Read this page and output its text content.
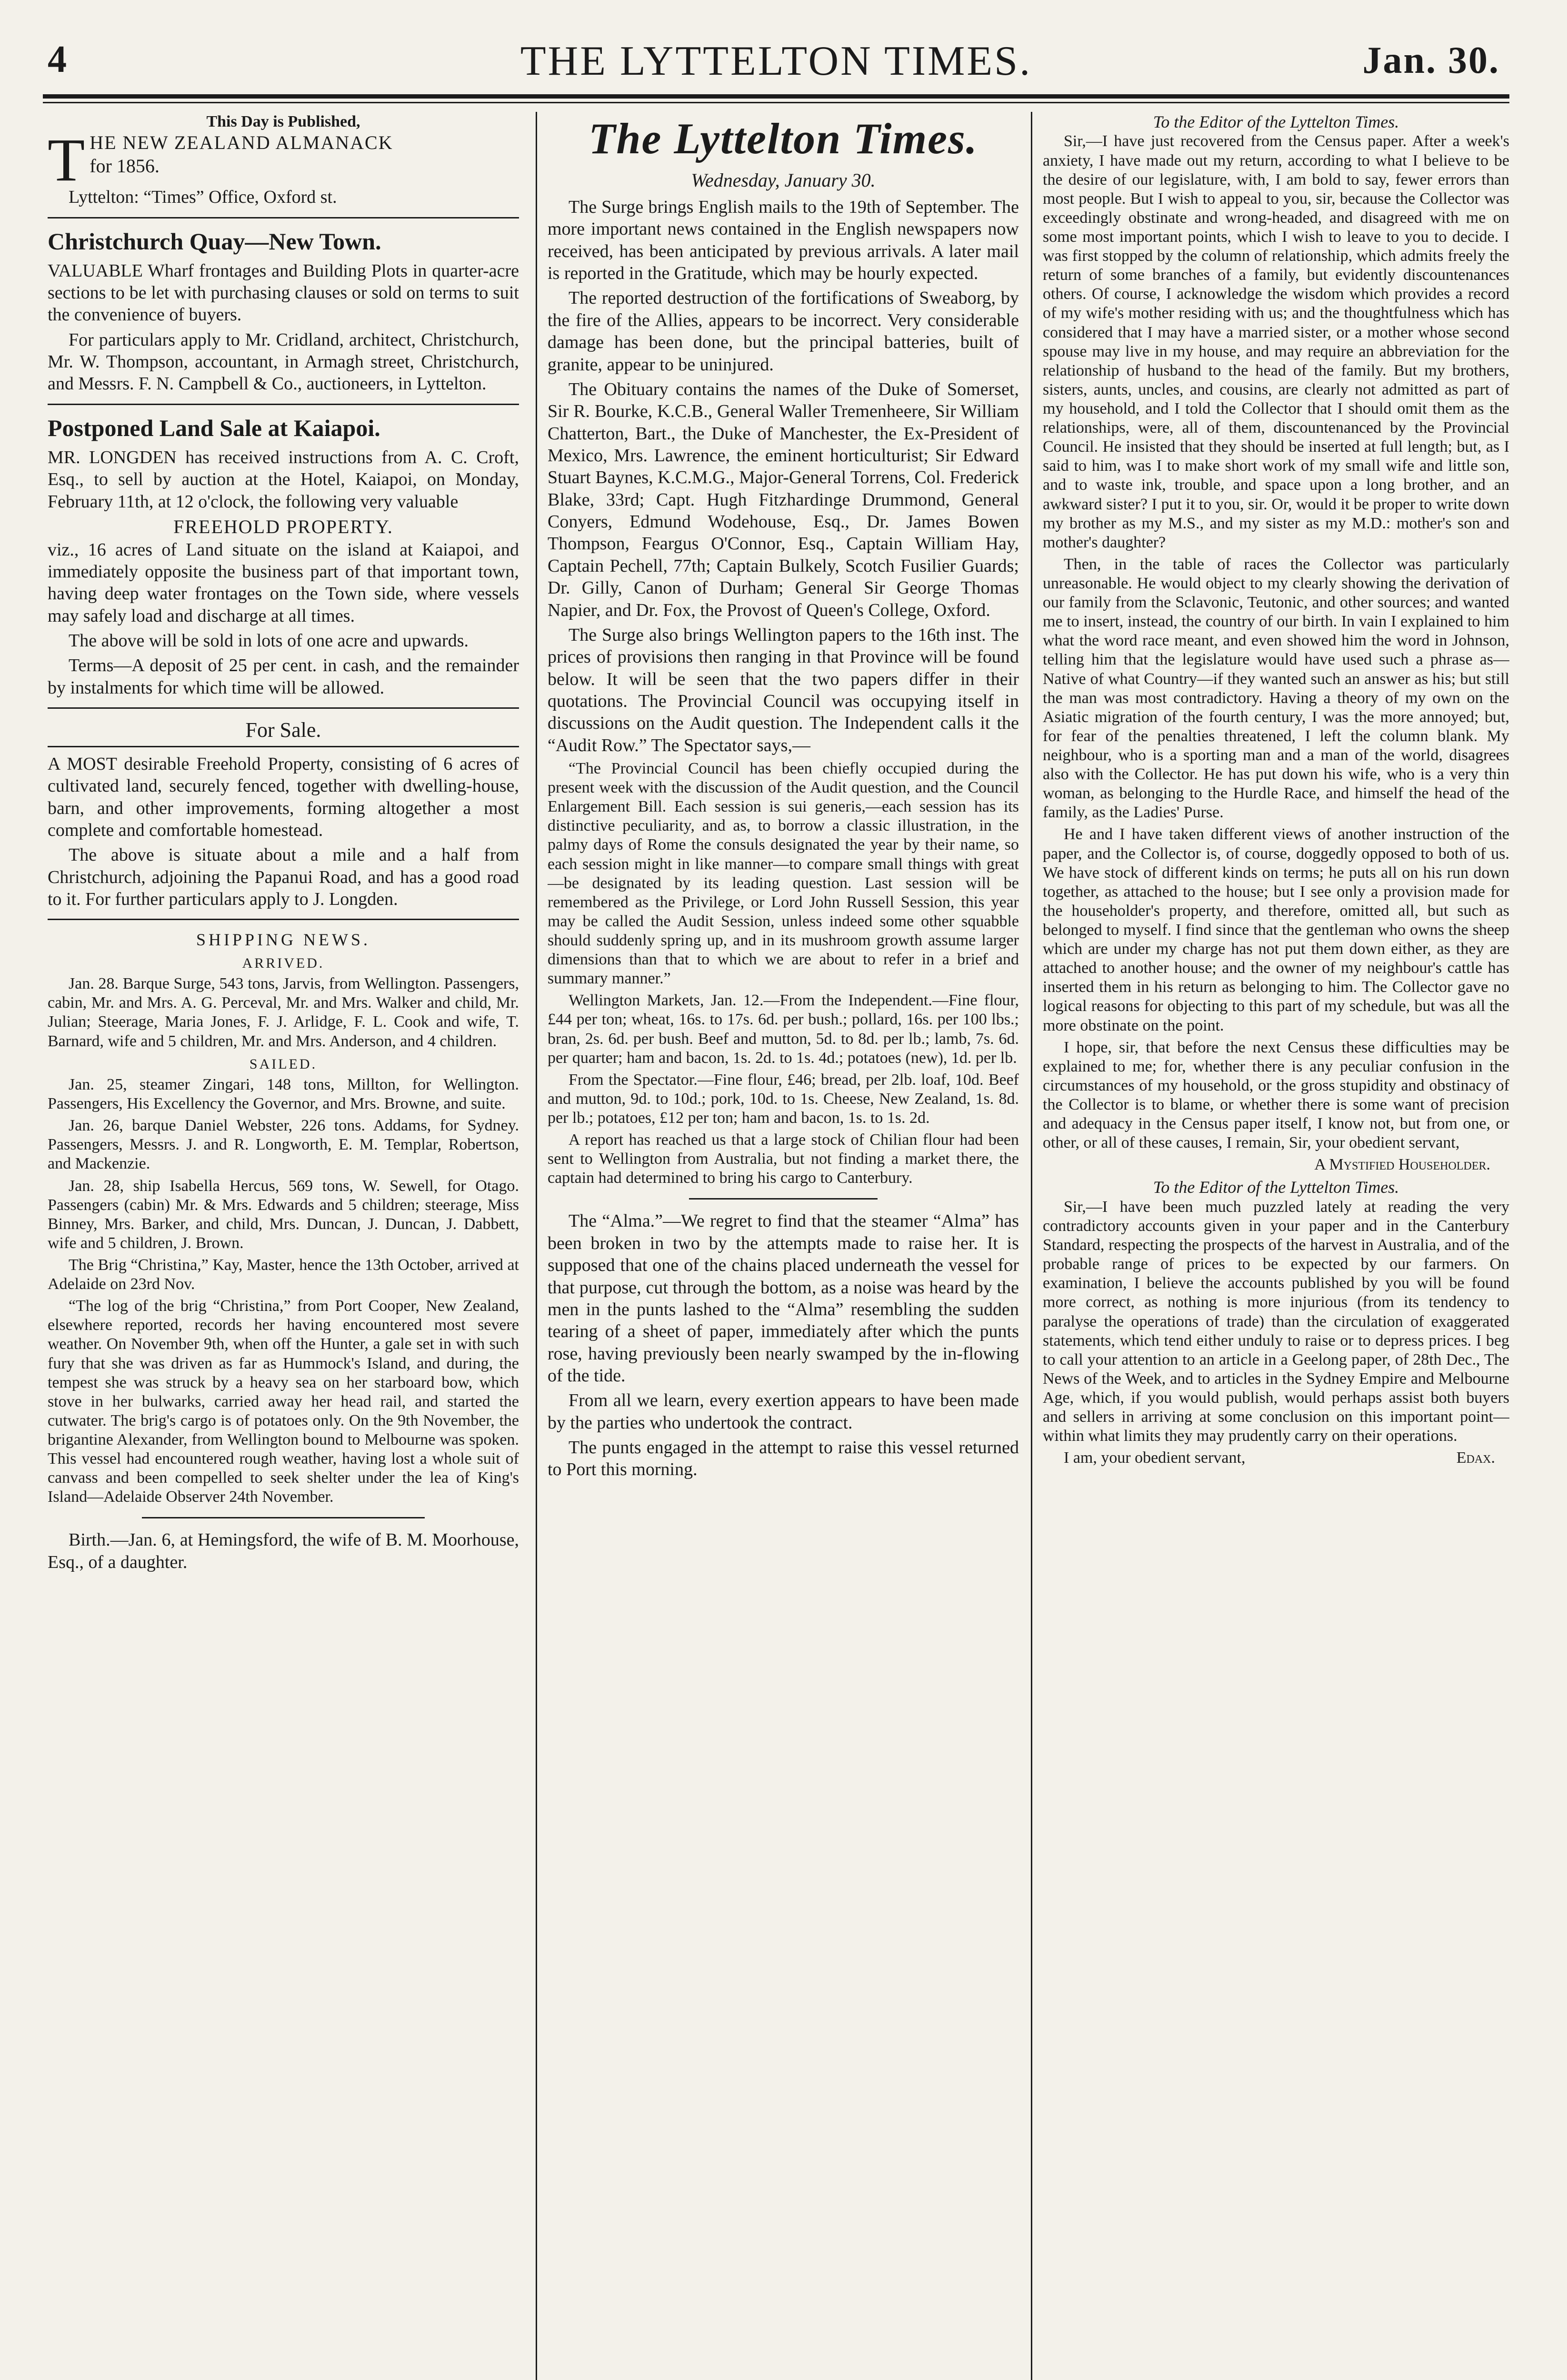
4	THE LYTTELTON TIMES.	Jan. 30.
This Day is Published,
T HE NEW ZEALAND ALMANACK
for 1856.

Lyttelton: “Times” Office, Oxford st.

Christchurch Quay—New Town.

VALUABLE Wharf frontages and Building Plots in quarter-acre sections to be let with purchasing clauses or sold on terms to suit the convenience of buyers.

For particulars apply to Mr. Cridland, architect, Christchurch, Mr. W. Thompson, accountant, in Armagh street, Christchurch, and Messrs. F. N. Campbell & Co., auctioneers, in Lyttelton.

Postponed Land Sale at Kaiapoi.

MR. LONGDEN has received instructions from A. C. Croft, Esq., to sell by auction at the Hotel, Kaiapoi, on Monday, February 11th, at 12 o'clock, the following very valuable

FREEHOLD PROPERTY.

viz., 16 acres of Land situate on the island at Kaiapoi, and immediately opposite the business part of that important town, having deep water frontages on the Town side, where vessels may safely load and discharge at all times.

The above will be sold in lots of one acre and upwards.

Terms—A deposit of 25 per cent. in cash, and the remainder by instalments for which time will be allowed.

For Sale.

A MOST desirable Freehold Property, consisting of 6 acres of cultivated land, securely fenced, together with dwelling-house, barn, and other improvements, forming altogether a most complete and comfortable homestead.

The above is situate about a mile and a half from Christchurch, adjoining the Papanui Road, and has a good road to it. For further particulars apply to J. Longden.

SHIPPING NEWS.
ARRIVED.

Jan. 28. Barque Surge, 543 tons, Jarvis, from Wellington. Passengers, cabin, Mr. and Mrs. A. G. Perceval, Mr. and Mrs. Walker and child, Mr. Julian; Steerage, Maria Jones, F. J. Arlidge, F. L. Cook and wife, T. Barnard, wife and 5 children, Mr. and Mrs. Anderson, and 4 children.

SAILED.

Jan. 25, steamer Zingari, 148 tons, Millton, for Wellington. Passengers, His Excellency the Governor, and Mrs. Browne, and suite.

Jan. 26, barque Daniel Webster, 226 tons. Addams, for Sydney. Passengers, Messrs. J. and R. Longworth, E. M. Templar, Robertson, and Mackenzie.

Jan. 28, ship Isabella Hercus, 569 tons, W. Sewell, for Otago. Passengers (cabin) Mr. & Mrs. Edwards and 5 children; steerage, Miss Binney, Mrs. Barker, and child, Mrs. Duncan, J. Duncan, J. Dabbett, wife and 5 children, J. Brown.

The Brig “Christina,” Kay, Master, hence the 13th October, arrived at Adelaide on 23rd Nov.

“The log of the brig “Christina,” from Port Cooper, New Zealand, elsewhere reported, records her having encountered most severe weather. On November 9th, when off the Hunter, a gale set in with such fury that she was driven as far as Hummock's Island, and during, the tempest she was struck by a heavy sea on her starboard bow, which stove in her bulwarks, carried away her head rail, and started the cutwater. The brig's cargo is of potatoes only. On the 9th November, the brigantine Alexander, from Wellington bound to Melbourne was spoken. This vessel had encountered rough weather, having lost a whole suit of canvass and been compelled to seek shelter under the lea of King's Island—Adelaide Observer 24th November.

Birth.—Jan. 6, at Hemingsford, the wife of B. M. Moorhouse, Esq., of a daughter.

The Lyttelton Times.
Wednesday, January 30.

The Surge brings English mails to the 19th of September. The more important news contained in the English newspapers now received, has been anticipated by previous arrivals. A later mail is reported in the Gratitude, which may be hourly expected.

The reported destruction of the fortifications of Sweaborg, by the fire of the Allies, appears to be incorrect. Very considerable damage has been done, but the principal batteries, built of granite, appear to be uninjured.

The Obituary contains the names of the Duke of Somerset, Sir R. Bourke, K.C.B., General Waller Tremenheere, Sir William Chatterton, Bart., the Duke of Manchester, the Ex-President of Mexico, Mrs. Lawrence, the eminent horticulturist; Sir Edward Stuart Baynes, K.C.M.G., Major-General Torrens, Col. Frederick Blake, 33rd; Capt. Hugh Fitzhardinge Drummond, General Conyers, Edmund Wodehouse, Esq., Dr. James Bowen Thompson, Feargus O'Connor, Esq., Captain William Hay, Captain Pechell, 77th; Captain Bulkely, Scotch Fusilier Guards; Dr. Gilly, Canon of Durham; General Sir George Thomas Napier, and Dr. Fox, the Provost of Queen's College, Oxford.

The Surge also brings Wellington papers to the 16th inst. The prices of provisions then ranging in that Province will be found below. It will be seen that the two papers differ in their quotations. The Provincial Council was occupying itself in discussions on the Audit question. The Independent calls it the “Audit Row.” The Spectator says,—

“The Provincial Council has been chiefly occupied during the present week with the discussion of the Audit question, and the Council Enlargement Bill. Each session is sui generis,—each session has its distinctive peculiarity, and as, to borrow a classic illustration, in the palmy days of Rome the consuls designated the year by their name, so each session might in like manner—to compare small things with great—be designated by its leading question. Last session will be remembered as the Privilege, or Lord John Russell Session, this year may be called the Audit Session, unless indeed some other squabble should suddenly spring up, and in its mushroom growth assume larger dimensions than that to which we are about to refer in a brief and summary manner.”

Wellington Markets, Jan. 12.—From the Independent.—Fine flour, £44 per ton; wheat, 16s. to 17s. 6d. per bush.; pollard, 16s. per 100 lbs.; bran, 2s. 6d. per bush. Beef and mutton, 5d. to 8d. per lb.; lamb, 7s. 6d. per quarter; ham and bacon, 1s. 2d. to 1s. 4d.; potatoes (new), 1d. per lb.

From the Spectator.—Fine flour, £46; bread, per 2lb. loaf, 10d. Beef and mutton, 9d. to 10d.; pork, 10d. to 1s. Cheese, New Zealand, 1s. 8d. per lb.; potatoes, £12 per ton; ham and bacon, 1s. to 1s. 2d.

A report has reached us that a large stock of Chilian flour had been sent to Wellington from Australia, but not finding a market there, the captain had determined to bring his cargo to Canterbury.

The “Alma.”—We regret to find that the steamer “Alma” has been broken in two by the attempts made to raise her. It is supposed that one of the chains placed underneath the vessel for that purpose, cut through the bottom, as a noise was heard by the men in the punts lashed to the “Alma” resembling the sudden tearing of a sheet of paper, immediately after which the punts rose, having previously been nearly swamped by the in-flowing of the tide.

From all we learn, every exertion appears to have been made by the parties who undertook the contract.

The punts engaged in the attempt to raise this vessel returned to Port this morning.

To the Editor of the Lyttelton Times.

Sir,—I have just recovered from the Census paper. After a week's anxiety, I have made out my return, according to what I believe to be the desire of our legislature, with, I am bold to say, fewer errors than most people. But I wish to appeal to you, sir, because the Collector was exceedingly obstinate and wrong-headed, and disagreed with me on some most important points, which I wish to leave to you to decide. I was first stopped by the column of relationship, which admits freely the return of some branches of a family, but evidently discountenances others. Of course, I acknowledge the wisdom which provides a record of my wife's mother residing with us; and the thoughtfulness which has considered that I may have a married sister, or a mother whose second spouse may live in my house, and may require an abbreviation for the relationship of husband to the head of the family. But my brothers, sisters, aunts, uncles, and cousins, are clearly not admitted as part of my household, and I told the Collector that I should omit them as the relationships, were, all of them, discountenanced by the Provincial Council. He insisted that they should be inserted at full length; but, as I said to him, was I to make short work of my small wife and little son, and to waste ink, trouble, and space upon a long brother, and an awkward sister? I put it to you, sir. Or, would it be proper to write down my brother as my M.S., and my sister as my M.D.: mother's son and mother's daughter?

Then, in the table of races the Collector was particularly unreasonable. He would object to my clearly showing the derivation of our family from the Sclavonic, Teutonic, and other sources; and wanted me to insert, instead, the country of our birth. In vain I explained to him what the word race meant, and even showed him the word in Johnson, telling him that the legislature would have used such a phrase as—Native of what Country—if they wanted such an answer as his; but still the man was most contradictory. Having a theory of my own on the Asiatic migration of the fourth century, I was the more annoyed; but, for fear of the penalties threatened, I left the column blank. My neighbour, who is a sporting man and a man of the world, disagrees also with the Collector. He has put down his wife, who is a very thin woman, as belonging to the Hurdle Race, and himself the head of the family, as the Ladies' Purse.

He and I have taken different views of another instruction of the paper, and the Collector is, of course, doggedly opposed to both of us. We have stock of different kinds on terms; he puts all on his run down together, as attached to the house; but I see only a provision made for the householder's property, and therefore, omitted all, but such as belonged to myself. I find since that the gentleman who owns the sheep which are under my charge has not put them down either, as they are attached to another house; and the owner of my neighbour's cattle has inserted them in his return as belonging to him. The Collector gave no logical reasons for objecting to this part of my schedule, but was all the more obstinate on the point.

I hope, sir, that before the next Census these difficulties may be explained to me; for, whether there is any peculiar confusion in the circumstances of my household, or the gross stupidity and obstinacy of the Collector is to blame, or whether there is some want of precision and adequacy in the Census paper itself, I know not, but from one, or other, or all of these causes, I remain, Sir, your obedient servant,

A Mystified Householder.
To the Editor of the Lyttelton Times.

Sir,—I have been much puzzled lately at reading the very contradictory accounts given in your paper and in the Canterbury Standard, respecting the prospects of the harvest in Australia, and of the probable range of prices to be expected by our farmers. On examination, I believe the accounts published by you will be found more correct, as nothing is more injurious (from its tendency to paralyse the operations of trade) than the circulation of exaggerated statements, which tend either unduly to raise or to depress prices. I beg to call your attention to an article in a Geelong paper, of 28th Dec., The News of the Week, and to articles in the Sydney Empire and Melbourne Age, which, if you would publish, would perhaps assist both buyers and sellers in arriving at some conclusion on this important point—within what limits they may prudently carry on their operations.

I am, your obedient servant,	Edax.
